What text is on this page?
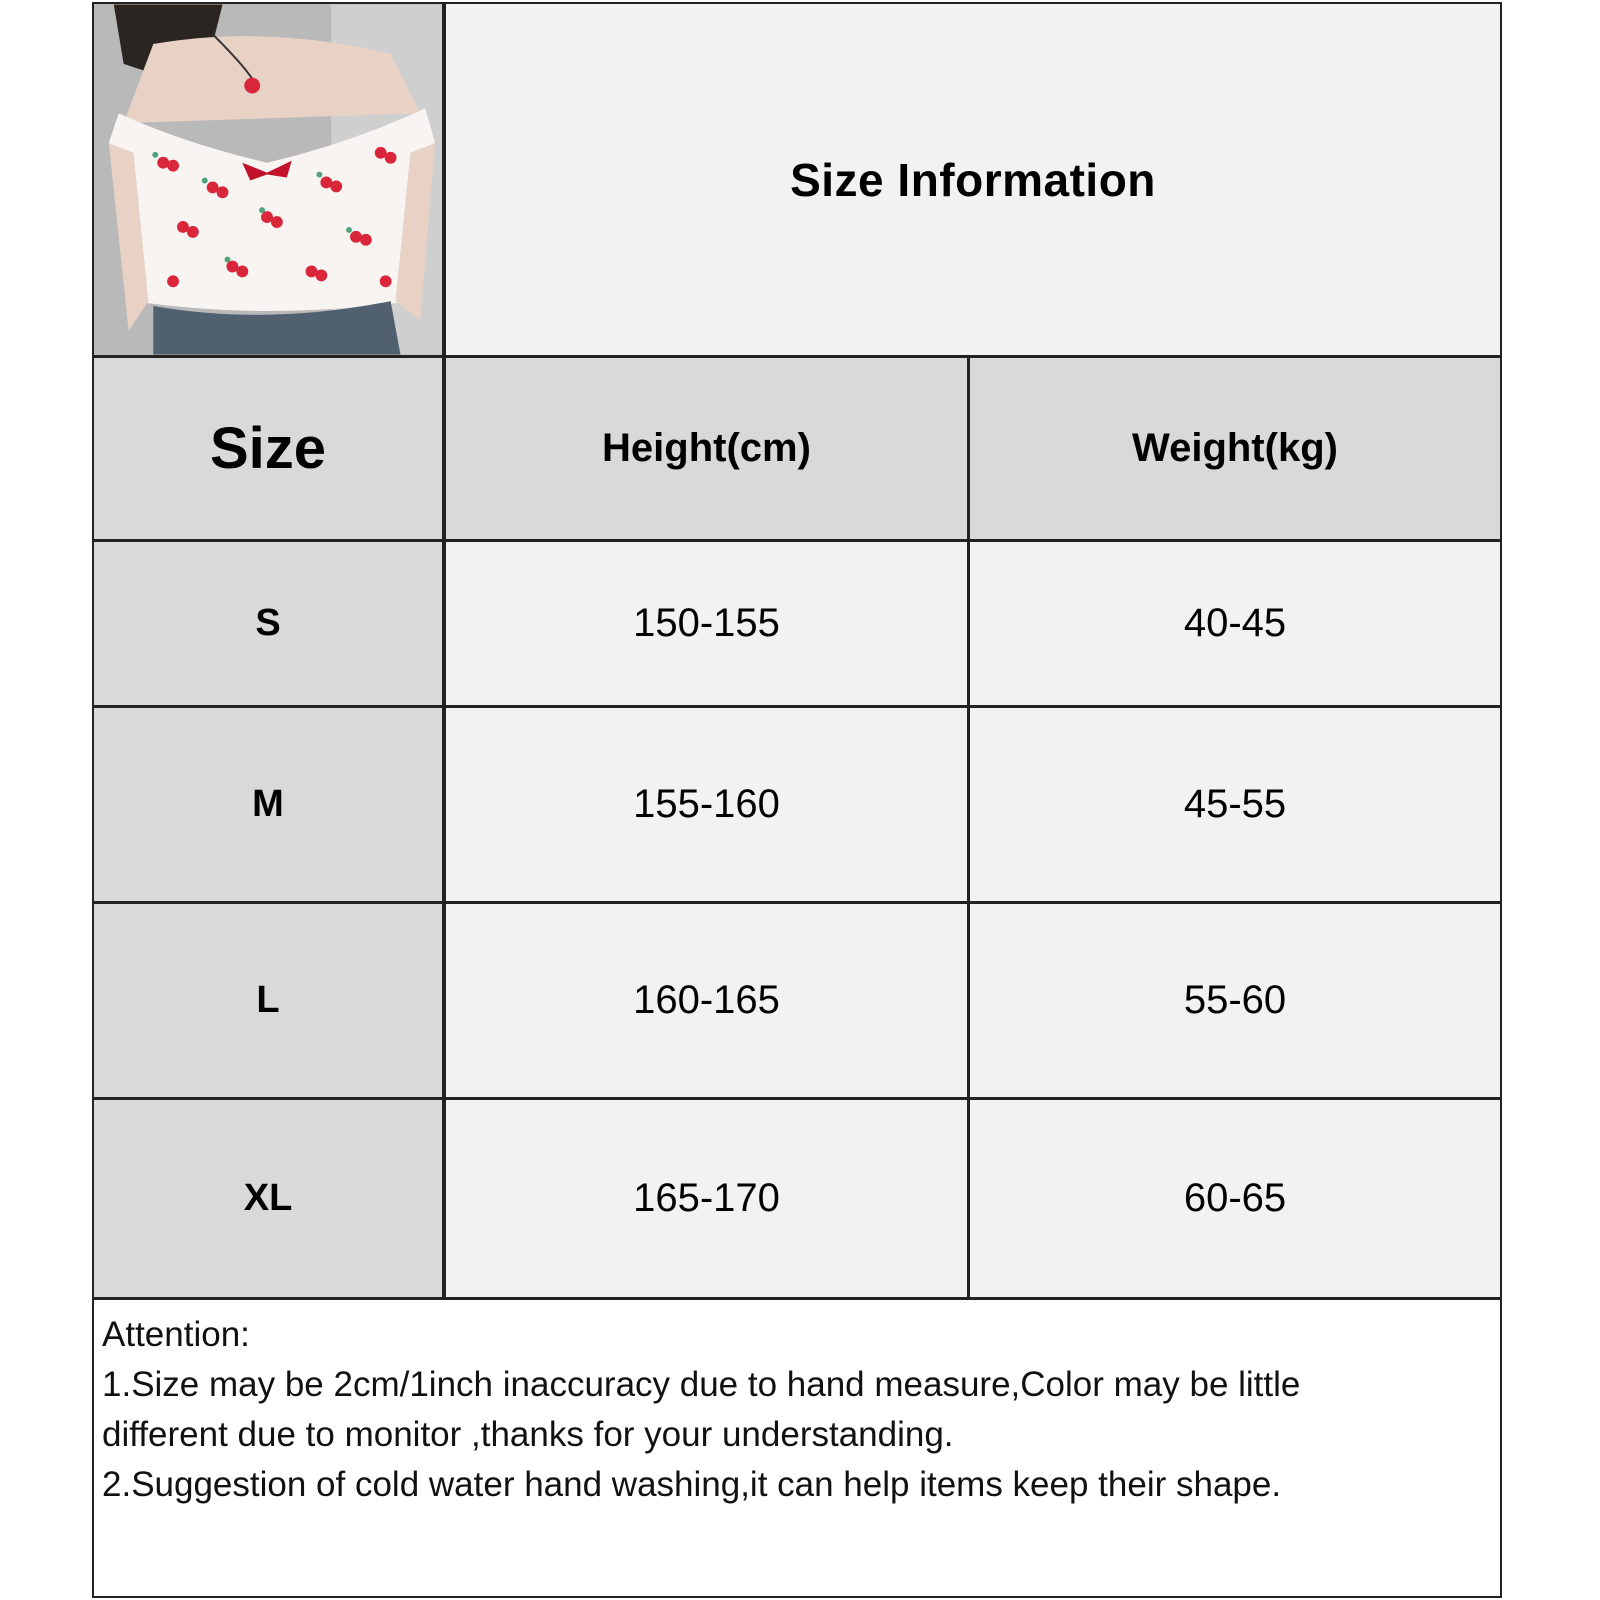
Size Information
Size	Height(cm)	Weight(kg)
S	150-155	40-45
M	155-160	45-55
L	160-165	55-60
XL	165-170	60-65
Attention:
1.Size may be 2cm/1inch inaccuracy due to hand measure,Color may be little
different due to monitor ,thanks for your understanding.
2.Suggestion of cold water hand washing,it can help items keep their shape.
